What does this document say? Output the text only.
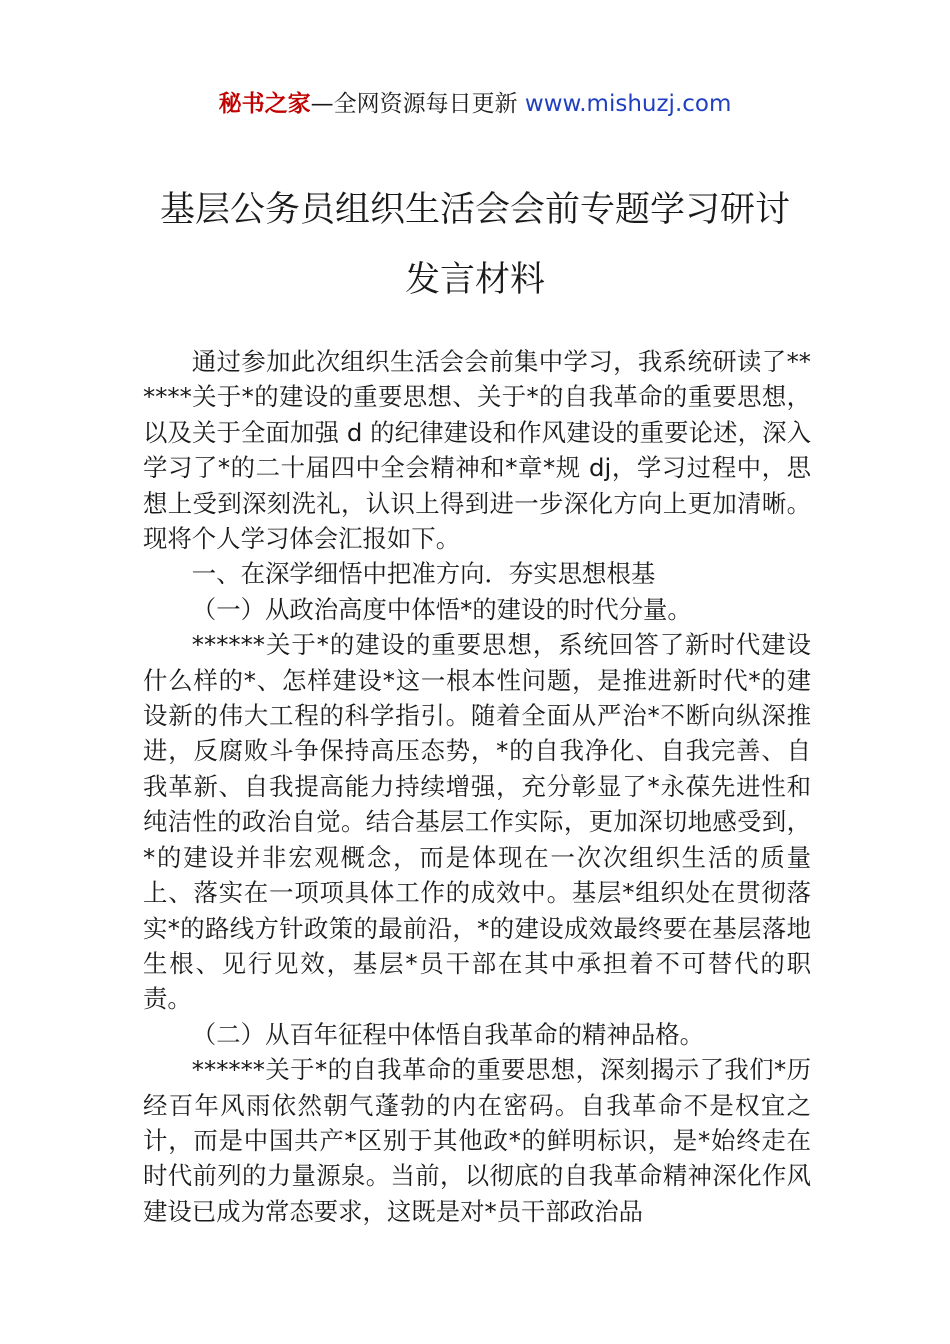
秘书之家—全网资源每日更新 www.mishuzj.com
基层公务员组织生活会会前专题学习研讨
发言材料

通过参加此次组织生活会会前集中学习，我系统研读了******关于*的建设的重要思想、关于*的自我革命的重要思想，以及关于全面加强 d 的纪律建设和作风建设的重要论述，深入学习了*的二十届四中全会精神和*章*规 dj，学习过程中，思想上受到深刻洗礼，认识上得到进一步深化方向上更加清晰。现将个人学习体会汇报如下。

一、在深学细悟中把准方向．夯实思想根基

（一）从政治高度中体悟*的建设的时代分量。

******关于*的建设的重要思想，系统回答了新时代建设什么样的*、怎样建设*这一根本性问题，是推进新时代*的建设新的伟大工程的科学指引。随着全面从严治*不断向纵深推进，反腐败斗争保持高压态势，*的自我净化、自我完善、自我革新、自我提高能力持续增强，充分彰显了*永葆先进性和纯洁性的政治自觉。结合基层工作实际，更加深切地感受到，*的建设并非宏观概念，而是体现在一次次组织生活的质量上、落实在一项项具体工作的成效中。基层*组织处在贯彻落实*的路线方针政策的最前沿，*的建设成效最终要在基层落地生根、见行见效，基层*员干部在其中承担着不可替代的职责。

（二）从百年征程中体悟自我革命的精神品格。

******关于*的自我革命的重要思想，深刻揭示了我们*历经百年风雨依然朝气蓬勃的内在密码。自我革命不是权宜之计，而是中国共产*区别于其他政*的鲜明标识，是*始终走在时代前列的力量源泉。当前，以彻底的自我革命精神深化作风建设已成为常态要求，这既是对*员干部政治品
